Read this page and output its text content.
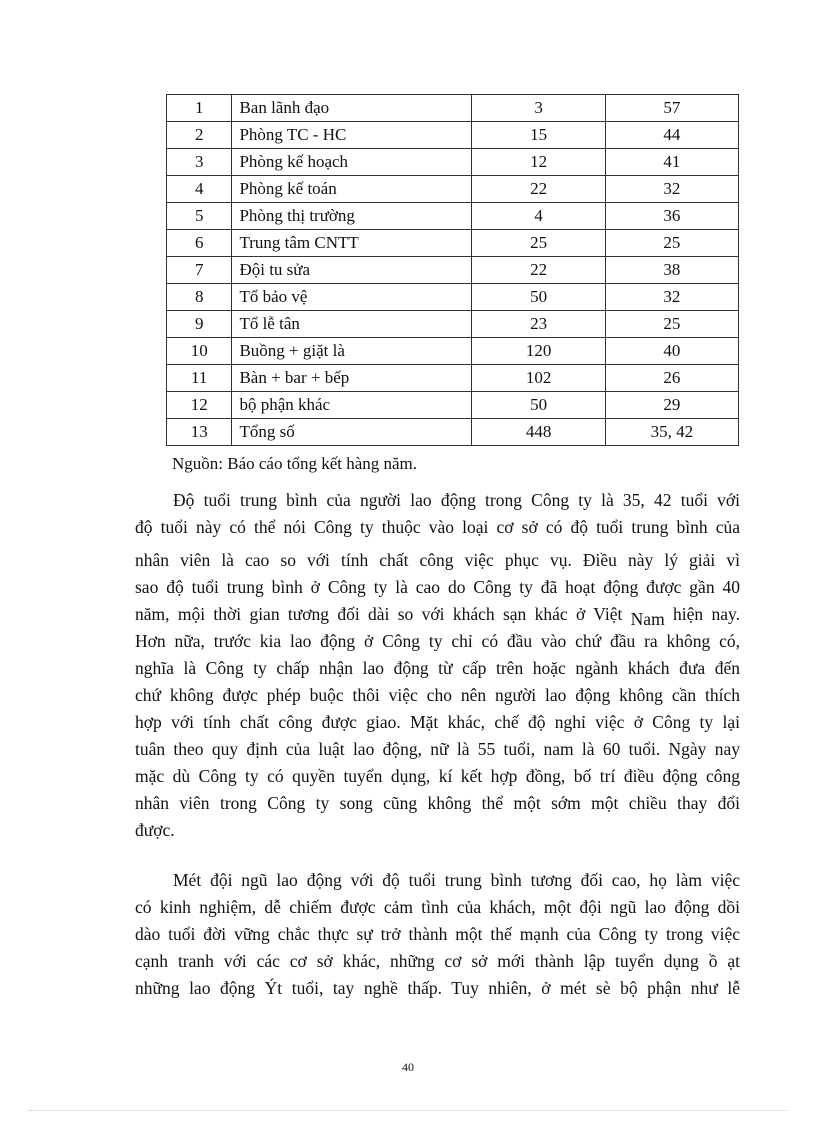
1	Ban lãnh đạo	3	57
2	Phòng TC - HC	15	44
3	Phòng kế hoạch	12	41
4	Phòng kế toán	22	32
5	Phòng thị trường	4	36
6	Trung tâm CNTT	25	25
7	Đội tu sửa	22	38
8	Tổ bảo vệ	50	32
9	Tổ lễ tân	23	25
10	Buồng + giặt là	120	40
11	Bàn + bar + bếp	102	26
12	bộ phận khác	50	29
13	Tổng số	448	35, 42
Nguồn: Báo cáo tổng kết hàng năm.
Độ tuổi trung bình của người lao động trong Công ty là 35, 42 tuổi với
độ tuổi này có thể nói Công ty thuộc vào loại cơ sở có độ tuổi trung bình của
nhân viên là cao so với tính chất công việc phục vụ. Điều này lý giải vì
sao độ tuổi trung bình ở Công ty là cao do Công ty đã hoạt động được gần 40
năm, mội thời gian tương đối dài so với khách sạn khác ở Việt Nam hiện nay.
Hơn nữa, trước kia lao động ở Công ty chỉ có đầu vào chứ đầu ra không có,
nghĩa là Công ty chấp nhận lao động từ cấp trên hoặc ngành khách đưa đến
chứ không được phép buộc thôi việc cho nên người lao động không cần thích
hợp với tính chất công được giao. Mặt khác, chế độ nghỉ việc ở Công ty lại
tuân theo quy định của luật lao động, nữ là 55 tuổi, nam là 60 tuổi. Ngày nay
mặc dù Công ty có quyền tuyển dụng, kí kết hợp đồng, bố trí điều động công
nhân viên trong Công ty song cũng không thể một sớm một chiều thay đổi
được.
Mét đội ngũ lao động với độ tuổi trung bình tương đối cao, họ làm việc
có kinh nghiệm, dễ chiếm được cảm tình của khách, một đội ngũ lao động dồi
dào tuổi đời vững chắc thực sự trở thành một thế mạnh của Công ty trong việc
cạnh tranh với các cơ sở khác, những cơ sở mới thành lập tuyển dụng ồ ạt
những lao động Ýt tuổi, tay nghề thấp. Tuy nhiên, ở mét sè bộ phận như lễ
40
